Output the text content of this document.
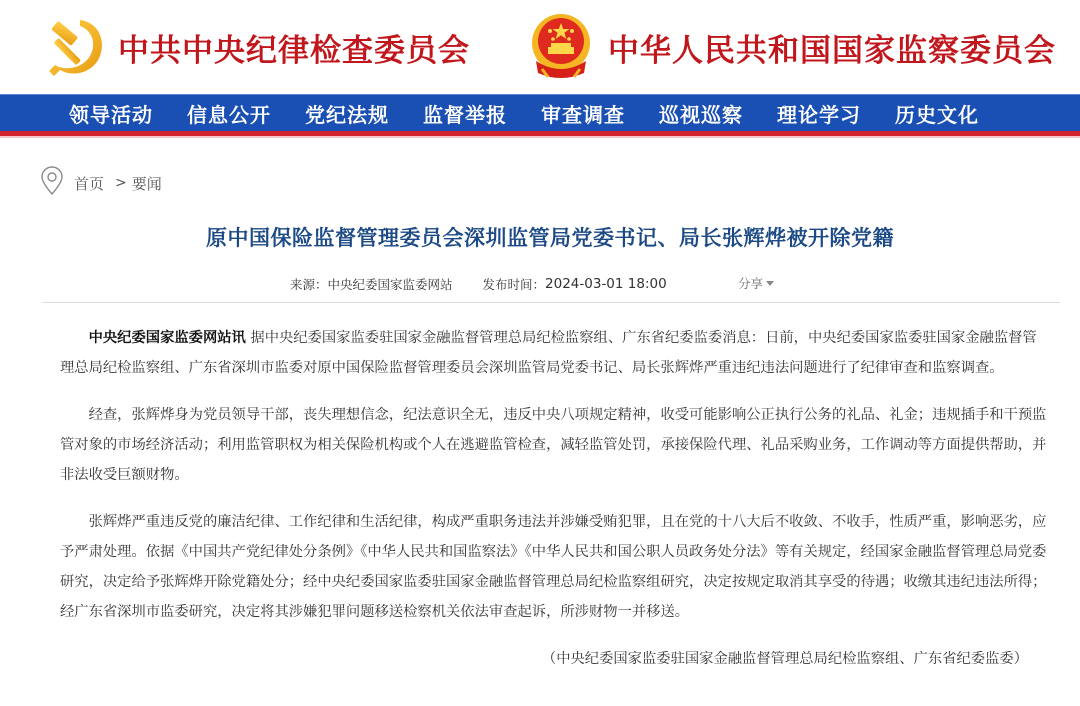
中共中央纪律检查委员会	中华人民共和国国家监察委员会
领导活动 信息公开 党纪法规 监督举报 审查调查 巡视巡察 理论学习 历史文化
首页 > 要闻
原中国保险监督管理委员会深圳监管局党委书记、局长张辉烨被开除党籍
来源：中央纪委国家监委网站 发布时间： 2024-03-01 18:00	分享

中央纪委国家监委网站讯 据中央纪委国家监委驻国家金融监督管理总局纪检监察组、广东省纪委监委消息：日前，中央纪委国家监委驻国家金融监督管理总局纪检监察组、广东省深圳市监委对原中国保险监督管理委员会深圳监管局党委书记、局长张辉烨严重违纪违法问题进行了纪律审查和监察调查。

经查，张辉烨身为党员领导干部，丧失理想信念，纪法意识全无，违反中央八项规定精神，收受可能影响公正执行公务的礼品、礼金；违规插手和干预监管对象的市场经济活动；利用监管职权为相关保险机构或个人在逃避监管检查，减轻监管处罚，承接保险代理、礼品采购业务，工作调动等方面提供帮助，并非法收受巨额财物。

张辉烨严重违反党的廉洁纪律、工作纪律和生活纪律，构成严重职务违法并涉嫌受贿犯罪，且在党的十八大后不收敛、不收手，性质严重，影响恶劣，应予严肃处理。依据《中国共产党纪律处分条例》《中华人民共和国监察法》《中华人民共和国公职人员政务处分法》等有关规定，经国家金融监督管理总局党委研究，决定给予张辉烨开除党籍处分；经中央纪委国家监委驻国家金融监督管理总局纪检监察组研究，决定按规定取消其享受的待遇；收缴其违纪违法所得；经广东省深圳市监委研究，决定将其涉嫌犯罪问题移送检察机关依法审查起诉，所涉财物一并移送。

（中央纪委国家监委驻国家金融监督管理总局纪检监察组、广东省纪委监委）
